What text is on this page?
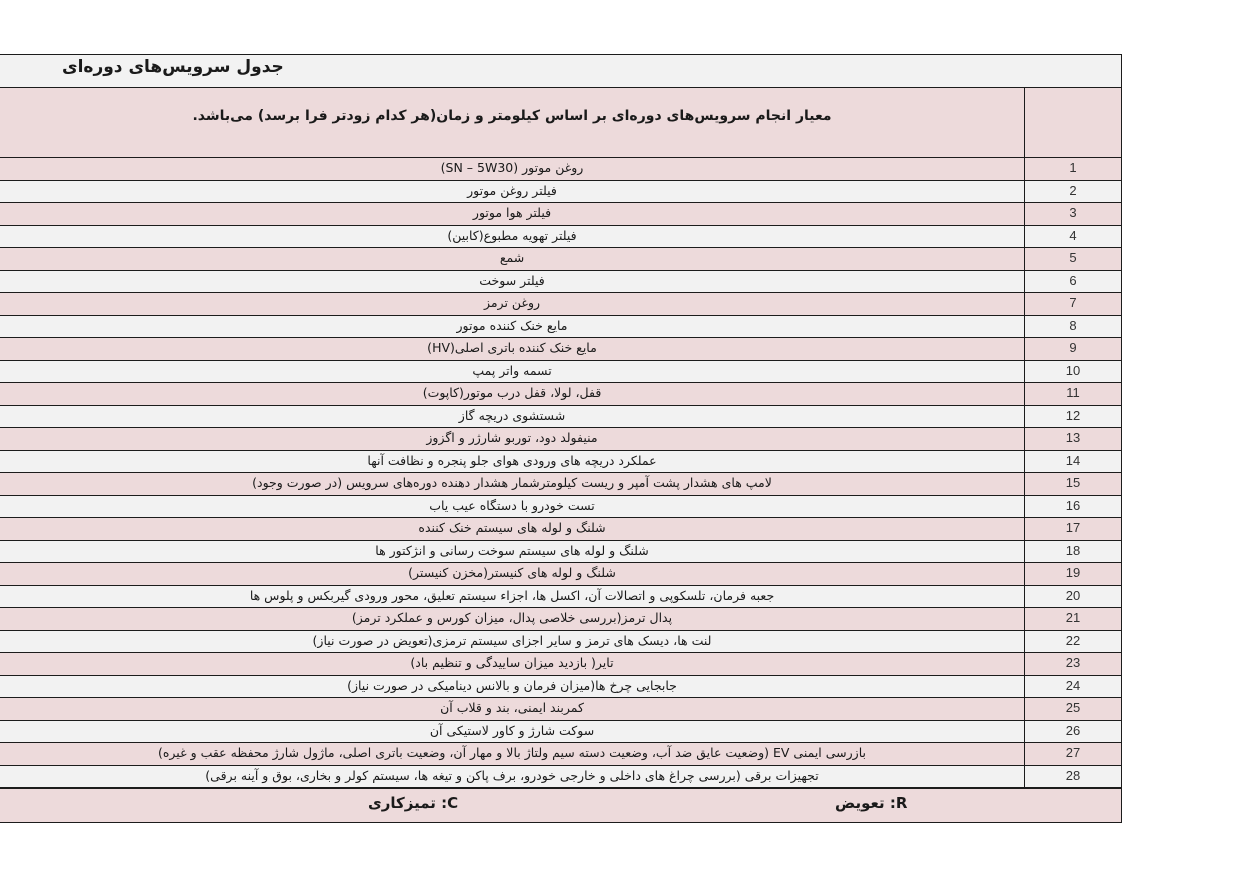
جدول سرویس‌های دوره‌ای
معیار انجام سرویس‌های دوره‌ای بر اساس کیلومتر و زمان(هر کدام زودتر فرا برسد) می‌باشد.
روغن موتور (SN – 5W30)	1
فیلتر روغن موتور	2
فیلتر هوا موتور	3
فیلتر تهویه مطبوع(کابین)	4
شمع	5
فیلتر سوخت	6
روغن ترمز	7
مایع خنک کننده موتور	8
مایع خنک کننده باتری اصلی(HV)	9
تسمه واتر پمپ	10
قفل، لولا، قفل درب موتور(کاپوت)	11
شستشوی دریچه گاز	12
منیفولد دود، توربو شارژر و اگزوز	13
عملکرد دریچه های ورودی هوای جلو پنجره و نظافت آنها	14
لامپ های هشدار پشت آمپر و ریست کیلومترشمار هشدار دهنده دوره‌های سرویس (در صورت وجود)	15
تست خودرو با دستگاه عیب یاب	16
شلنگ و لوله های سیستم خنک کننده	17
شلنگ و لوله های سیستم سوخت رسانی و انژکتور ها	18
شلنگ و لوله های کنیستر(مخزن کنیستر)	19
جعبه فرمان، تلسکوپی و اتصالات آن، اکسل ها، اجزاء سیستم تعلیق، محور ورودی گیربکس و پلوس ها	20
پدال ترمز(بررسی خلاصی پدال، میزان کورس و عملکرد ترمز)	21
لنت ها، دیسک های ترمز و سایر اجزای سیستم ترمزی(تعویض در صورت نیاز)	22
تایر( بازدید میزان ساییدگی و تنظیم باد)	23
جابجایی چرخ ها(میزان فرمان و بالانس دینامیکی در صورت نیاز)	24
کمربند ایمنی، بند و قلاب آن	25
سوکت شارژ و کاور لاستیکی آن	26
بازرسی ایمنی EV (وضعیت عایق ضد آب، وضعیت دسته سیم ولتاژ بالا و مهار آن، وضعیت باتری اصلی، ماژول شارژ محفظه عقب و غیره)	27
تجهیزات برقی (بررسی چراغ های داخلی و خارجی خودرو، برف پاکن و تیغه ها، سیستم کولر و بخاری، بوق و آینه برقی)	28
R: تعویض
C: تمیزکاری
